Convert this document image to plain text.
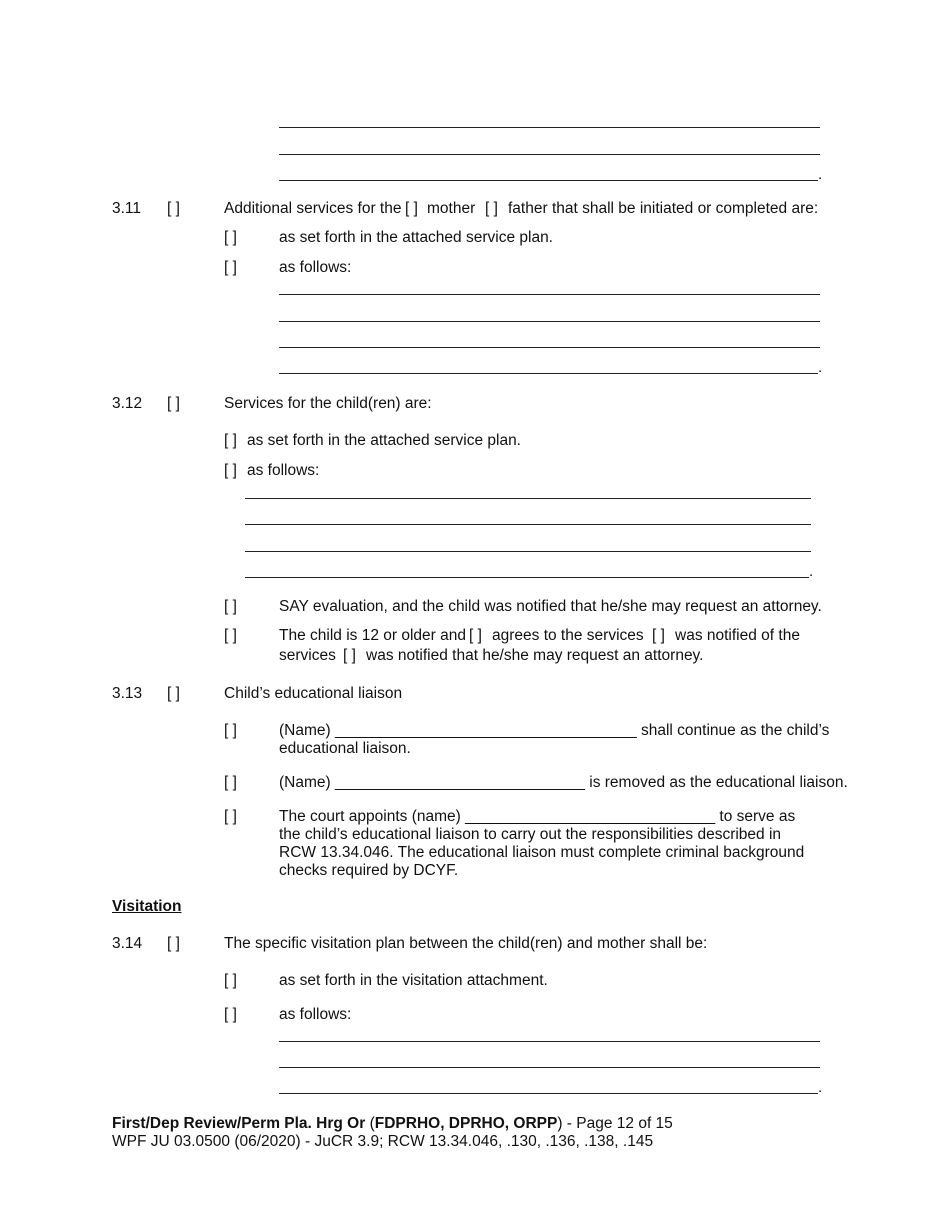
.
3.11 [ ]	Additional services for the [ ] mother [ ] father that shall be initiated or completed are:
[ ]	as set forth in the attached service plan.
[ ]	as follows:
.
3.12 [ ]	Services for the child(ren) are:
[ ] as set forth in the attached service plan.
[ ] as follows:
.
[ ]	SAY evaluation, and the child was notified that he/she may request an attorney.
[ ]	The child is 12 or older and [ ] agrees to the services [ ] was notified of the
services [ ] was notified that he/she may request an attorney.
3.13 [ ]	Child’s educational liaison
[ ]	(Name) ___________________________________ shall continue as the child’s
educational liaison.
[ ]	(Name) _____________________________ is removed as the educational liaison.
[ ]	The court appoints (name) _____________________________ to serve as the child’s educational liaison to carry out the responsibilities described in RCW 13.34.046. The educational liaison must complete criminal background checks required by DCYF.
Visitation
3.14 [ ]	The specific visitation plan between the child(ren) and mother shall be:
[ ]	as set forth in the visitation attachment.
[ ]	as follows:
.
First/Dep Review/Perm Pla. Hrg Or (FDPRHO, DPRHO, ORPP) - Page 12 of 15
WPF JU 03.0500 (06/2020) - JuCR 3.9; RCW 13.34.046, .130, .136, .138, .145
